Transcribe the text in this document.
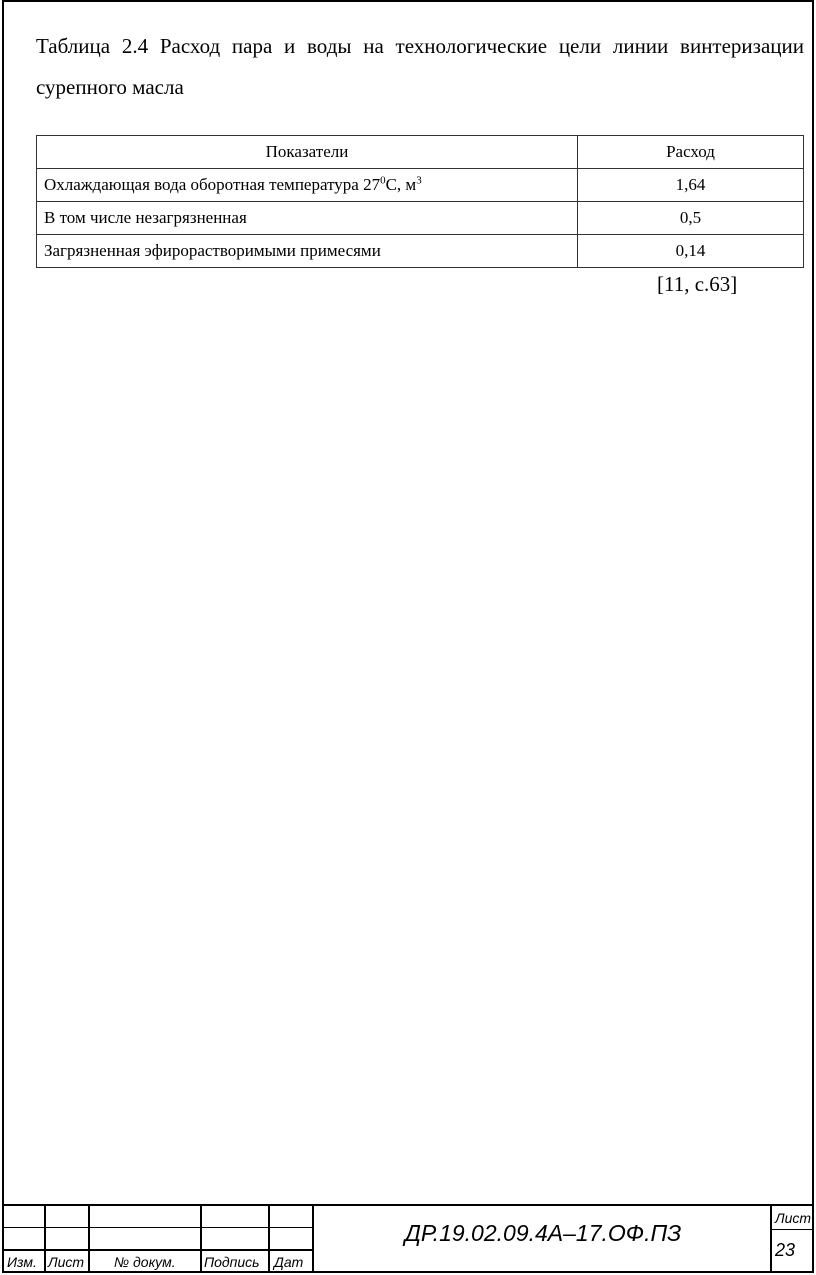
Таблица 2.4 Расход пара и воды на технологические цели линии винтеризации сурепного масла
Показатели	Расход
Охлаждающая вода оборотная температура $27^0С$, $м^3$	1,64
В том числе незагрязненная	0,5
Загрязненная эфирорастворимыми примесями	0,14
[11, с.63]
Изм. Лист № докум. Подпись Дат
ДР.19.02.09.4А–17.ОФ.ПЗ
Лист
23
